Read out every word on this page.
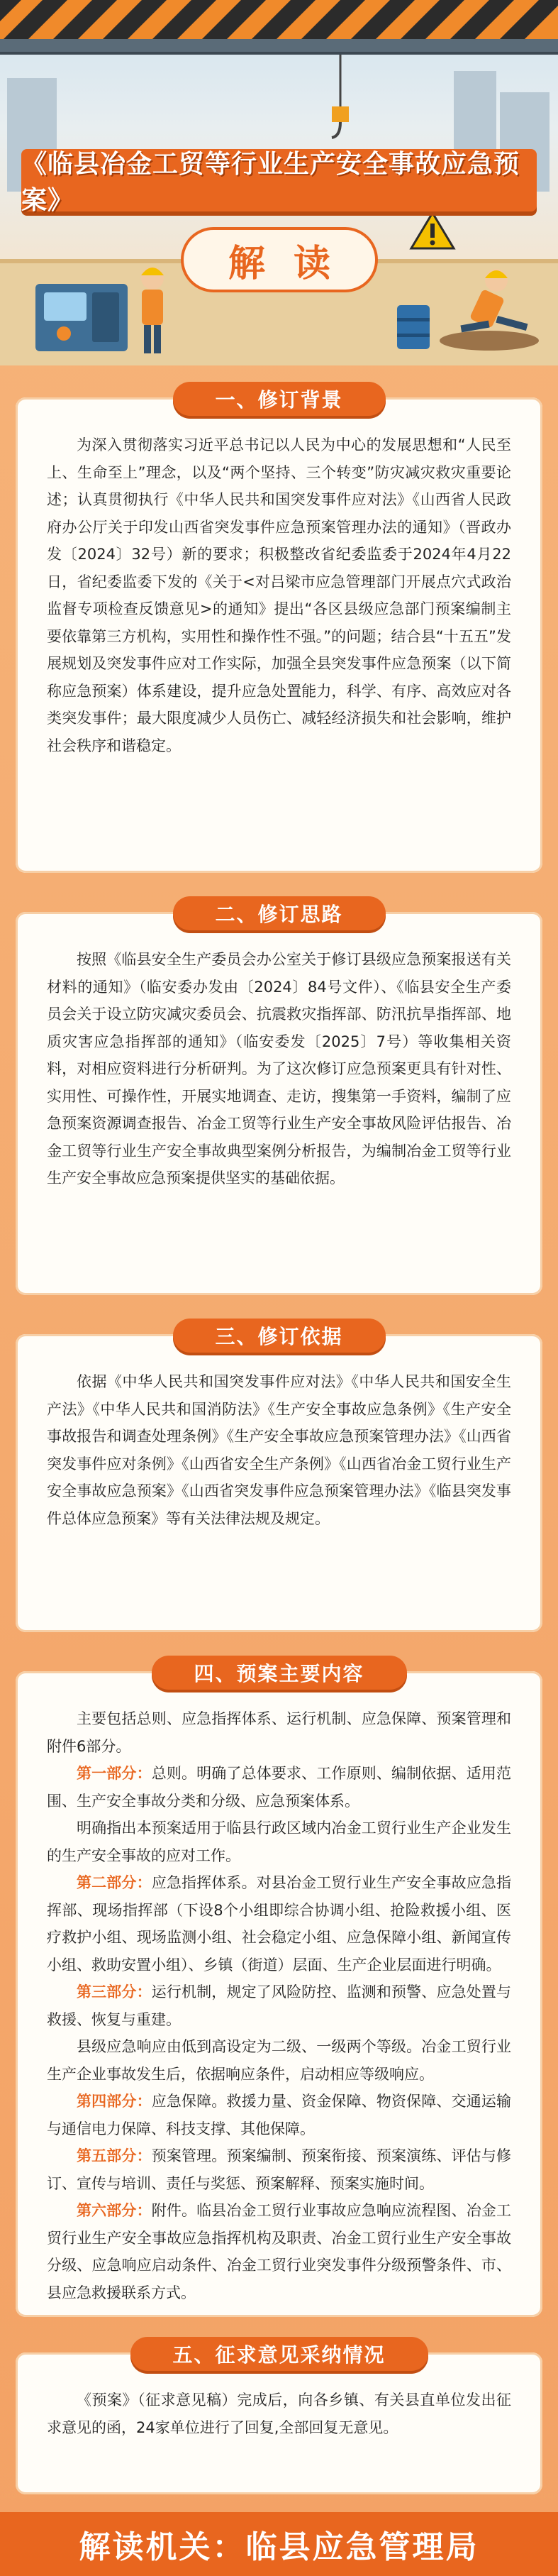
《临县冶金工贸等行业生产安全事故应急预案》
解读
一、修订背景

为深入贯彻落实习近平总书记以人民为中心的发展思想和“人民至上、生命至上”理念，以及“两个坚持、三个转变”防灾减灾救灾重要论述；认真贯彻执行《中华人民共和国突发事件应对法》《山西省人民政府办公厅关于印发山西省突发事件应急预案管理办法的通知》（晋政办发〔2024〕32号）新的要求；积极整改省纪委监委于2024年4月22日，省纪委监委下发的《关于<对吕梁市应急管理部门开展点穴式政治监督专项检查反馈意见>的通知》提出“各区县级应急部门预案编制主要依靠第三方机构，实用性和操作性不强。”的问题；结合县“十五五”发展规划及突发事件应对工作实际，加强全县突发事件应急预案（以下简称应急预案）体系建设，提升应急处置能力，科学、有序、高效应对各类突发事件；最大限度减少人员伤亡、减轻经济损失和社会影响，维护社会秩序和谐稳定。

二、修订思路

按照《临县安全生产委员会办公室关于修订县级应急预案报送有关材料的通知》（临安委办发由〔2024〕84号文件）、《临县安全生产委员会关于设立防灾减灾委员会、抗震救灾指挥部、防汛抗旱指挥部、地质灾害应急指挥部的通知》（临安委发〔2025〕7号）等收集相关资料，对相应资料进行分析研判。为了这次修订应急预案更具有针对性、实用性、可操作性，开展实地调查、走访，搜集第一手资料，编制了应急预案资源调查报告、冶金工贸等行业生产安全事故风险评估报告、冶金工贸等行业生产安全事故典型案例分析报告，为编制冶金工贸等行业生产安全事故应急预案提供坚实的基础依据。

三、修订依据

依据《中华人民共和国突发事件应对法》《中华人民共和国安全生产法》《中华人民共和国消防法》《生产安全事故应急条例》《生产安全事故报告和调查处理条例》《生产安全事故应急预案管理办法》《山西省突发事件应对条例》《山西省安全生产条例》《山西省冶金工贸行业生产安全事故应急预案》《山西省突发事件应急预案管理办法》《临县突发事件总体应急预案》等有关法律法规及规定。

四、预案主要内容

主要包括总则、应急指挥体系、运行机制、应急保障、预案管理和附件6部分。

第一部分：总则。明确了总体要求、工作原则、编制依据、适用范围、生产安全事故分类和分级、应急预案体系。

明确指出本预案适用于临县行政区域内冶金工贸行业生产企业发生的生产安全事故的应对工作。

第二部分：应急指挥体系。对县冶金工贸行业生产安全事故应急指挥部、现场指挥部（下设8个小组即综合协调小组、抢险救援小组、医疗救护小组、现场监测小组、社会稳定小组、应急保障小组、新闻宣传小组、救助安置小组）、乡镇（街道）层面、生产企业层面进行明确。

第三部分：运行机制，规定了风险防控、监测和预警、应急处置与救援、恢复与重建。

县级应急响应由低到高设定为二级、一级两个等级。冶金工贸行业生产企业事故发生后，依据响应条件，启动相应等级响应。

第四部分：应急保障。救援力量、资金保障、物资保障、交通运输与通信电力保障、科技支撑、其他保障。

第五部分：预案管理。预案编制、预案衔接、预案演练、评估与修订、宣传与培训、责任与奖惩、预案解释、预案实施时间。

第六部分：附件。临县冶金工贸行业事故应急响应流程图、冶金工贸行业生产安全事故应急指挥机构及职责、冶金工贸行业生产安全事故分级、应急响应启动条件、冶金工贸行业突发事件分级预警条件、市、县应急救援联系方式。

五、征求意见采纳情况

《预案》（征求意见稿）完成后，向各乡镇、有关县直单位发出征求意见的函，24家单位进行了回复,全部回复无意见。

解读机关：临县应急管理局
